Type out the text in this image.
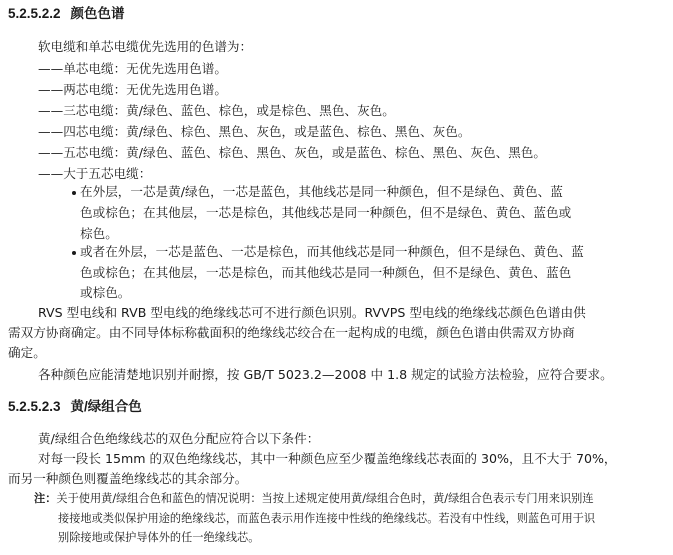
5.2.5.2.2 颜色色谱
软电缆和单芯电缆优先选用的色谱为：
——单芯电缆：无优先选用色谱。
——两芯电缆：无优先选用色谱。
——三芯电缆：黄/绿色、蓝色、棕色，或是棕色、黑色、灰色。
——四芯电缆：黄/绿色、棕色、黑色、灰色，或是蓝色、棕色、黑色、灰色。
——五芯电缆：黄/绿色、蓝色、棕色、黑色、灰色，或是蓝色、棕色、黑色、灰色、黑色。
——大于五芯电缆：
在外层，一芯是黄/绿色，一芯是蓝色，其他线芯是同一种颜色，但不是绿色、黄色、蓝
色或棕色；在其他层，一芯是棕色，其他线芯是同一种颜色，但不是绿色、黄色、蓝色或
棕色。
或者在外层，一芯是蓝色、一芯是棕色，而其他线芯是同一种颜色，但不是绿色、黄色、蓝
色或棕色；在其他层，一芯是棕色，而其他线芯是同一种颜色，但不是绿色、黄色、蓝色
或棕色。
RVS 型电线和 RVB 型电线的绝缘线芯可不进行颜色识别。RVVPS 型电线的绝缘线芯颜色色谱由供
需双方协商确定。由不同导体标称截面积的绝缘线芯绞合在一起构成的电缆，颜色色谱由供需双方协商
确定。
各种颜色应能清楚地识别并耐擦，按 GB/T 5023.2—2008 中 1.8 规定的试验方法检验，应符合要求。
5.2.5.2.3 黄/绿组合色
黄/绿组合色绝缘线芯的双色分配应符合以下条件：
对每一段长 15mm 的双色绝缘线芯，其中一种颜色应至少覆盖绝缘线芯表面的 30%，且不大于 70%，
而另一种颜色则覆盖绝缘线芯的其余部分。
注：关于使用黄/绿组合色和蓝色的情况说明：当按上述规定使用黄/绿组合色时，黄/绿组合色表示专门用来识别连
接接地或类似保护用途的绝缘线芯，而蓝色表示用作连接中性线的绝缘线芯。若没有中性线，则蓝色可用于识
别除接地或保护导体外的任一绝缘线芯。
